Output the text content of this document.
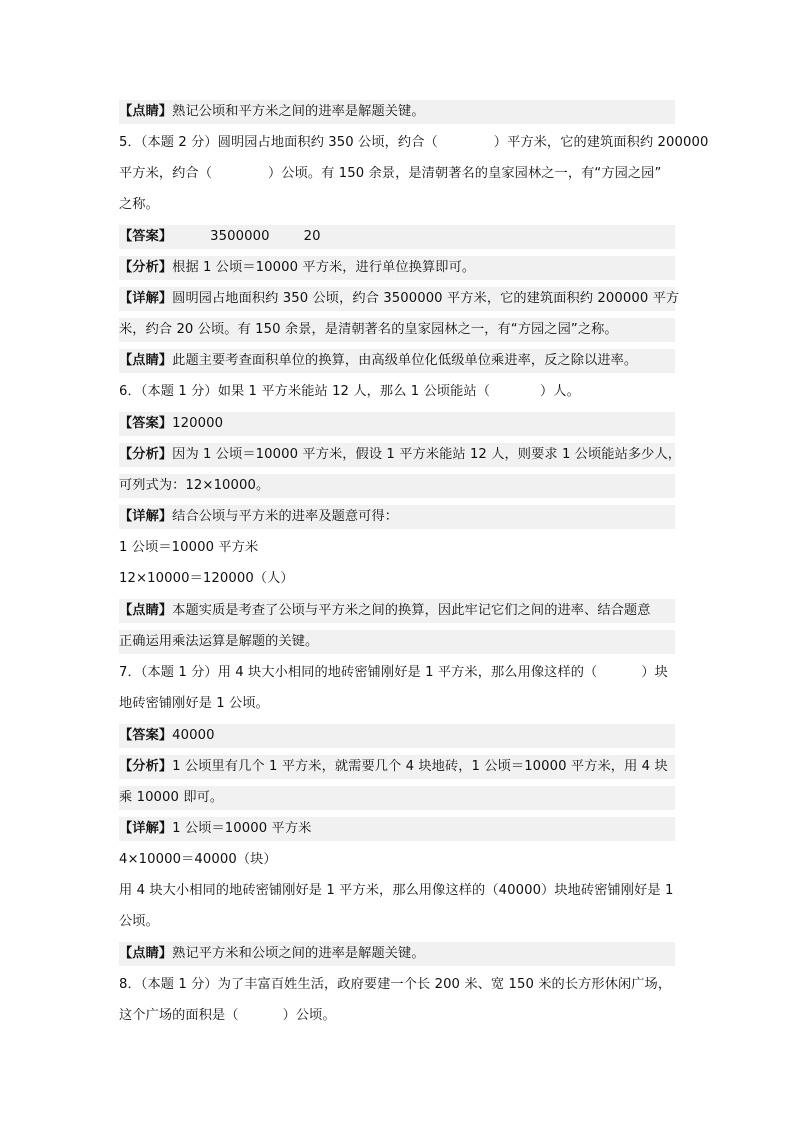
【点睛】熟记公顷和平方米之间的进率是解题关键。
5．（本题 2 分）圆明园占地面积约 350 公顷，约合（	）平方米，它的建筑面积约 200000
平方米，约合（	）公顷。有 150 余景，是清朝著名的皇家园林之一，有“方园之园”
之称。
【答案】	3500000	20
【分析】根据 1 公顷＝10000 平方米，进行单位换算即可。
【详解】圆明园占地面积约 350 公顷，约合 3500000 平方米，它的建筑面积约 200000 平方
米，约合 20 公顷。有 150 余景，是清朝著名的皇家园林之一，有“方园之园”之称。
【点睛】此题主要考查面积单位的换算，由高级单位化低级单位乘进率，反之除以进率。
6．（本题 1 分）如果 1 平方米能站 12 人，那么 1 公顷能站（	）人。
【答案】120000
【分析】因为 1 公顷＝10000 平方米，假设 1 平方米能站 12 人，则要求 1 公顷能站多少人，
可列式为：12×10000。
【详解】结合公顷与平方米的进率及题意可得：
1 公顷＝10000 平方米
12×10000＝120000（人）
【点睛】本题实质是考查了公顷与平方米之间的换算，因此牢记它们之间的进率、结合题意
正确运用乘法运算是解题的关键。
7．（本题 1 分）用 4 块大小相同的地砖密铺刚好是 1 平方米，那么用像这样的（	）块
地砖密铺刚好是 1 公顷。
【答案】40000
【分析】1 公顷里有几个 1 平方米，就需要几个 4 块地砖，1 公顷＝10000 平方米，用 4 块
乘 10000 即可。
【详解】1 公顷＝10000 平方米
4×10000＝40000（块）
用 4 块大小相同的地砖密铺刚好是 1 平方米，那么用像这样的（40000）块地砖密铺刚好是 1
公顷。
【点睛】熟记平方米和公顷之间的进率是解题关键。
8．（本题 1 分）为了丰富百姓生活，政府要建一个长 200 米、宽 150 米的长方形休闲广场，
这个广场的面积是（	）公顷。
